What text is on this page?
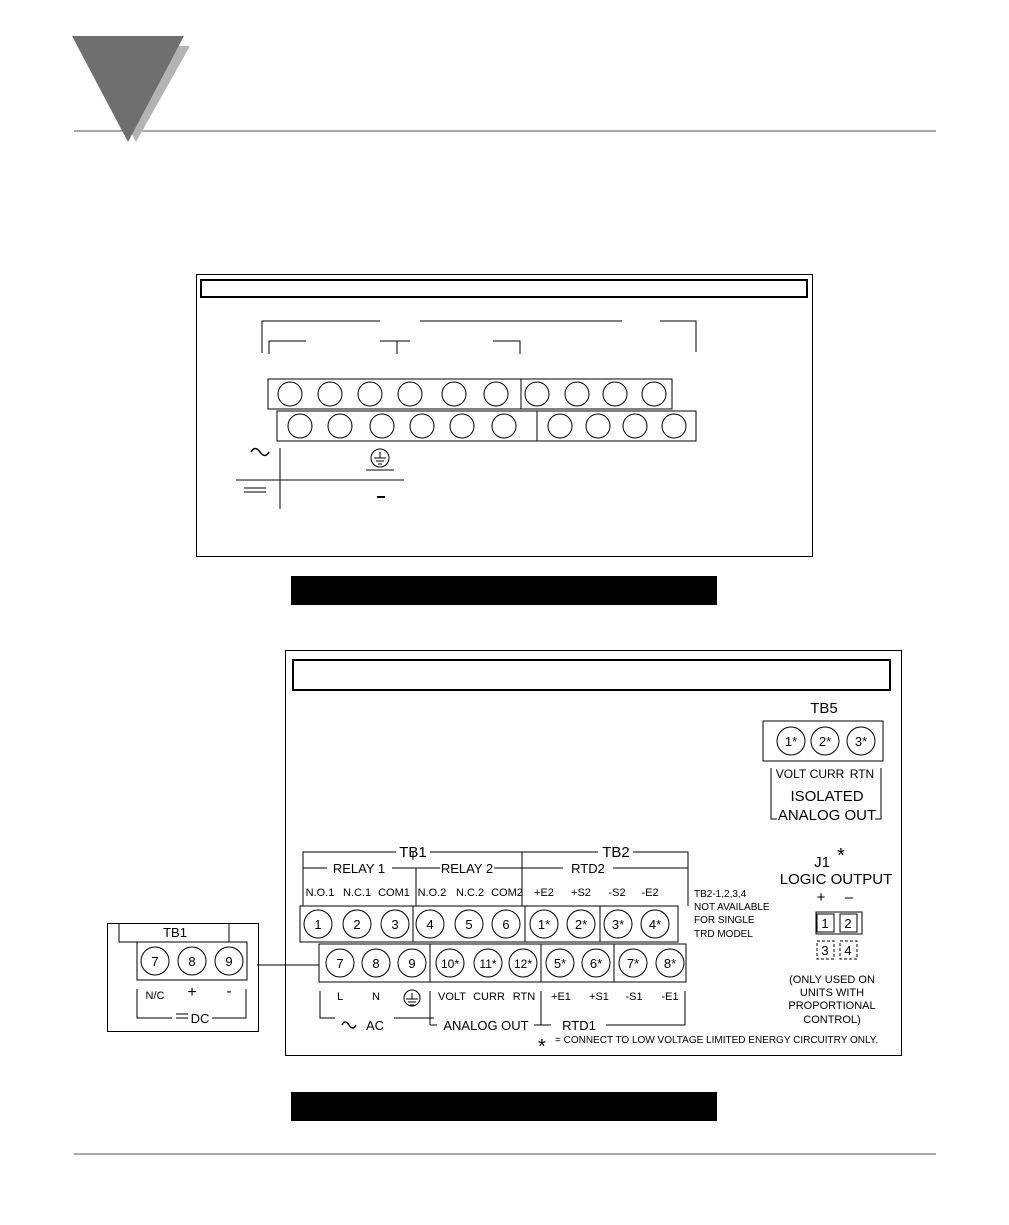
TB5
1* 2* 3*
VOLT CURR RTN
ISOLATED
ANALOG OUT
TB1	TB2
RELAY 1	RELAY 2	RTD2
N.O.1 N.C.1 COM1 N.O.2 N.C.2 COM2 +E2 +S2 -S2 -E2
1 2 3 4 5 6 1* 2* 3* 4*
7 8 9 10* 11* 12* 5* 6* 7* 8*
L	N	VOLT CURR RTN +E1 +S1 -S1 -E1
AC	ANALOG OUT	RTD1
J1
LOGIC OUTPUT
+ –
1 2
3 4
(ONLY USED ON
UNITS WITH
PROPORTIONAL
CONTROL)
TB1
7 8 9
N/C + -
DC
TB2-1,2,3,4
NOT AVAILABLE
FOR SINGLE
TRD MODEL
* = CONNECT TO LOW VOLTAGE LIMITED ENERGY CIRCUITRY ONLY.
*
